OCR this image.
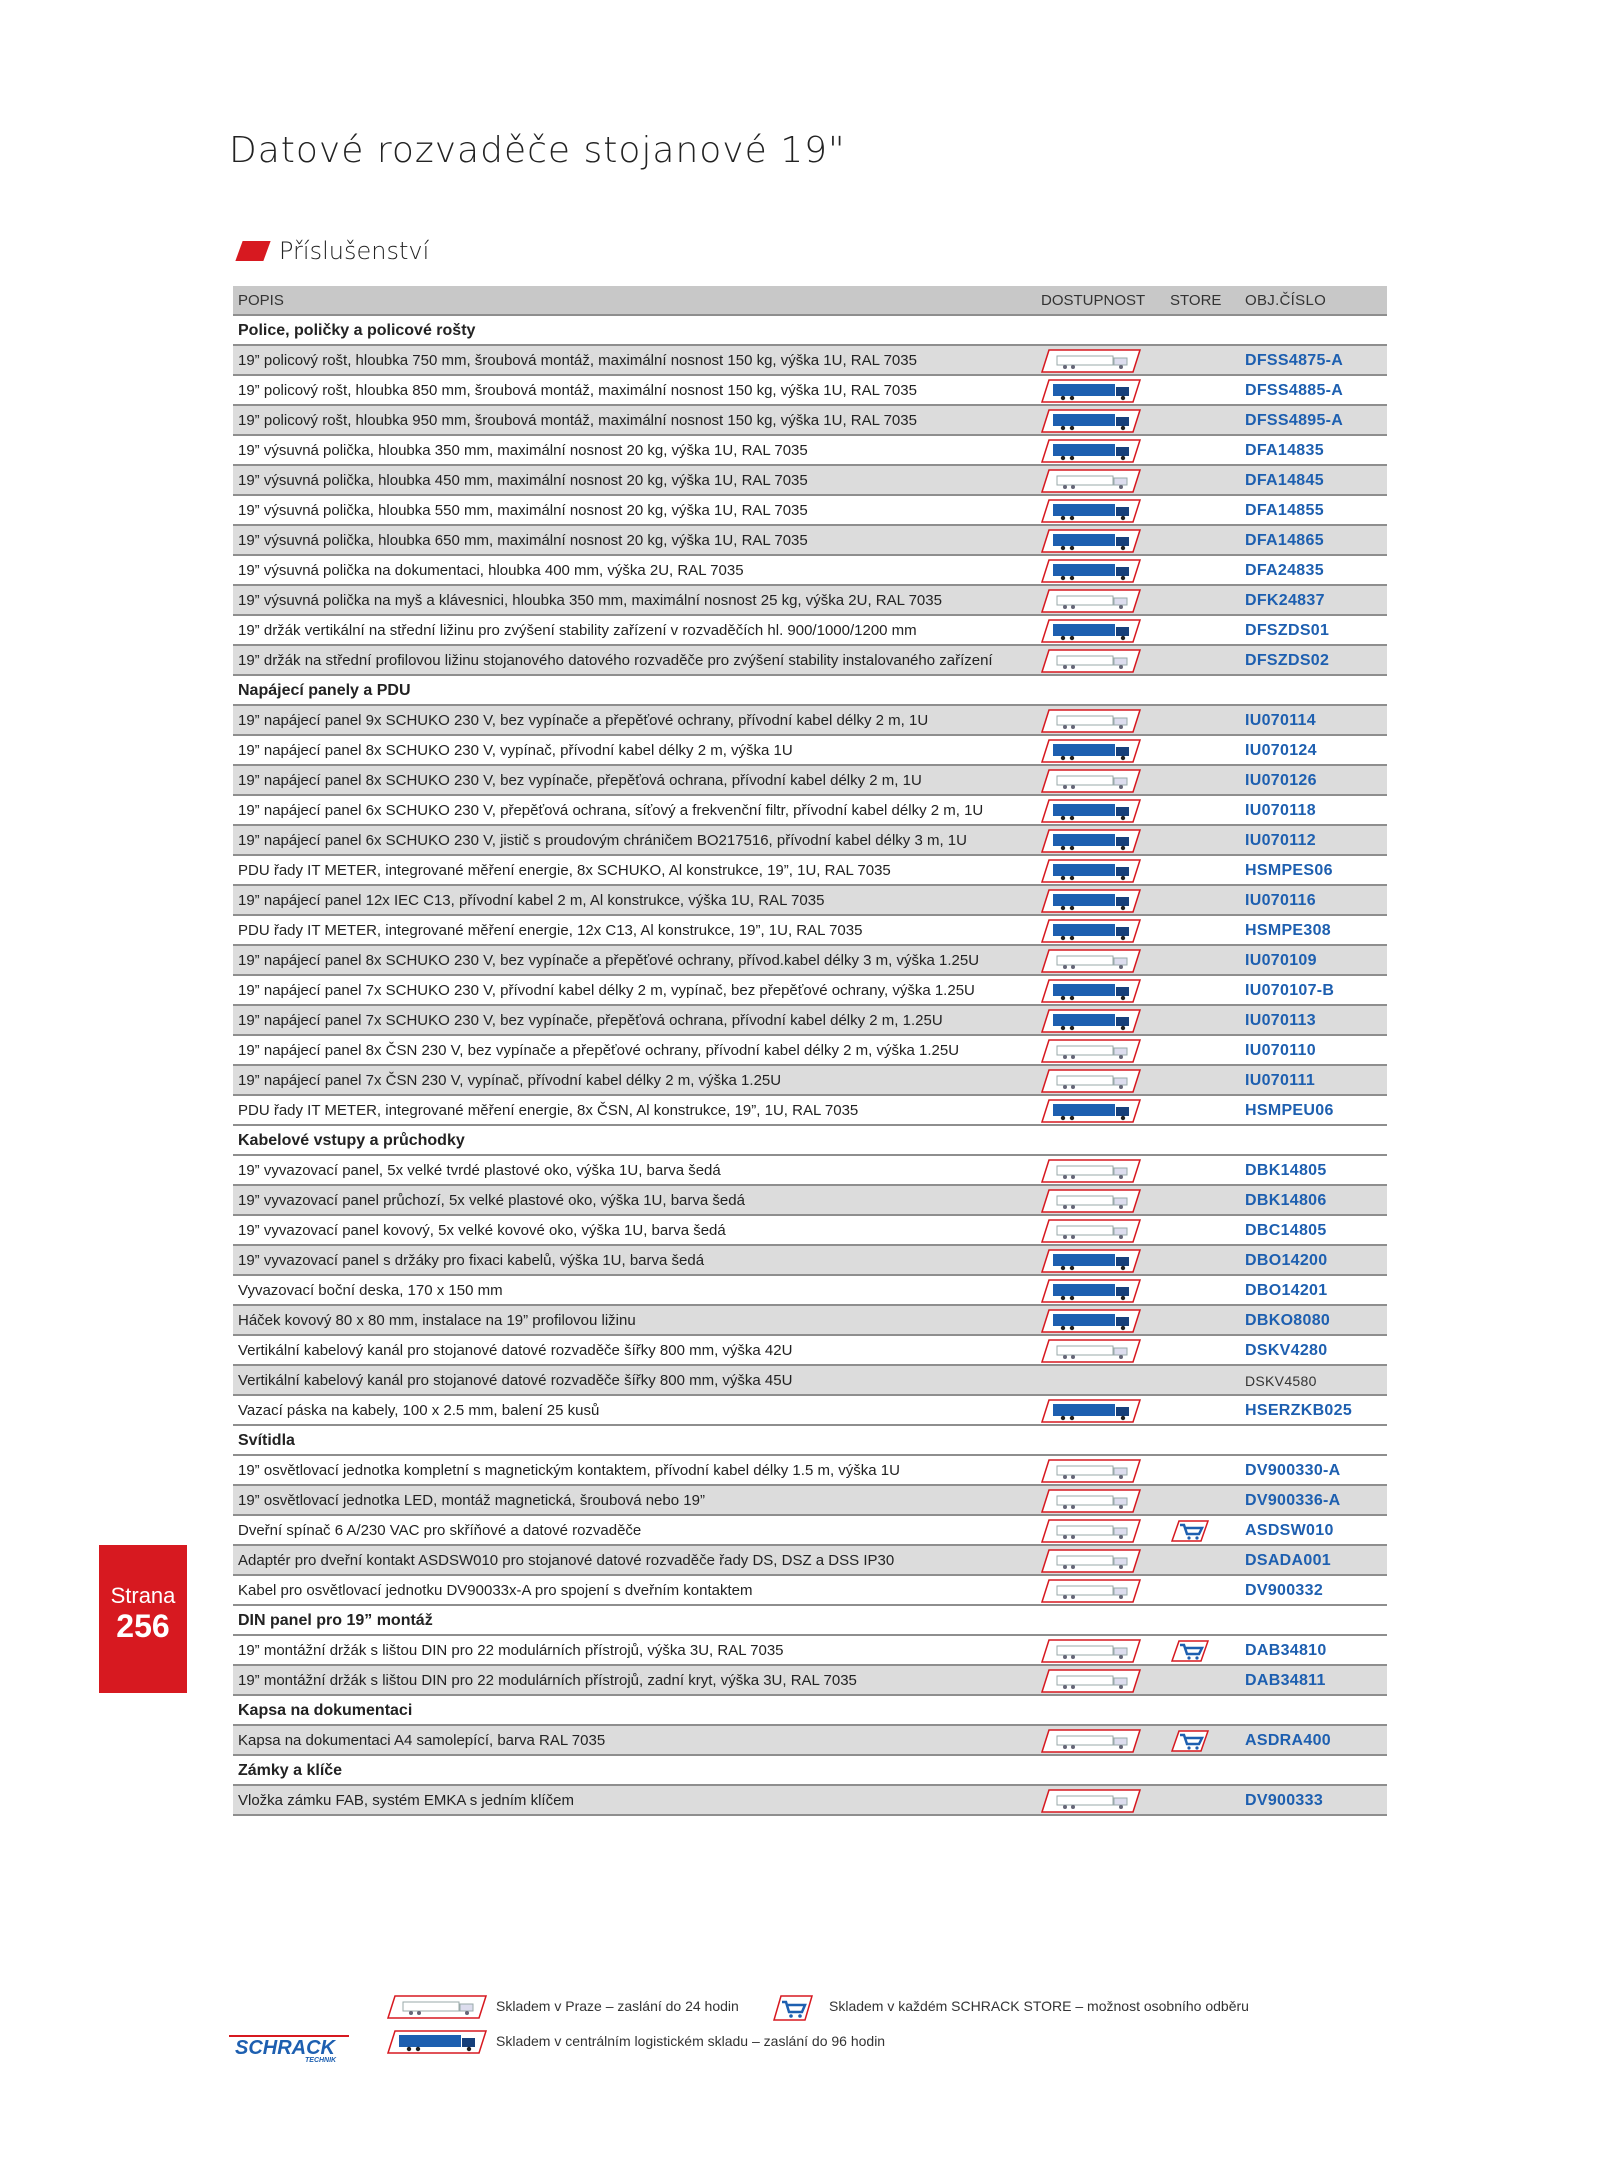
Datové rozvaděče stojanové 19"
Příslušenství
POPIS	DOSTUPNOST STORE OBJ.ČÍSLO
Police, poličky a policové rošty
19” policový rošt, hloubka 750 mm, šroubová montáž, maximální nosnost 150 kg, výška 1U, RAL 7035	DFSS4875-A
19” policový rošt, hloubka 850 mm, šroubová montáž, maximální nosnost 150 kg, výška 1U, RAL 7035	DFSS4885-A
19” policový rošt, hloubka 950 mm, šroubová montáž, maximální nosnost 150 kg, výška 1U, RAL 7035	DFSS4895-A
19” výsuvná polička, hloubka 350 mm, maximální nosnost 20 kg, výška 1U, RAL 7035	DFA14835
19” výsuvná polička, hloubka 450 mm, maximální nosnost 20 kg, výška 1U, RAL 7035	DFA14845
19” výsuvná polička, hloubka 550 mm, maximální nosnost 20 kg, výška 1U, RAL 7035	DFA14855
19” výsuvná polička, hloubka 650 mm, maximální nosnost 20 kg, výška 1U, RAL 7035	DFA14865
19” výsuvná polička na dokumentaci, hloubka 400 mm, výška 2U, RAL 7035	DFA24835
19” výsuvná polička na myš a klávesnici, hloubka 350 mm, maximální nosnost 25 kg, výška 2U, RAL 7035	DFK24837
19” držák vertikální na střední ližinu pro zvýšení stability zařízení v rozvaděčích hl. 900/1000/1200 mm	DFSZDS01
19” držák na střední profilovou ližinu stojanového datového rozvaděče pro zvýšení stability instalovaného zařízení	DFSZDS02
Napájecí panely a PDU
19” napájecí panel 9x SCHUKO 230 V, bez vypínače a přepěťové ochrany, přívodní kabel délky 2 m, 1U	IU070114
19” napájecí panel 8x SCHUKO 230 V, vypínač, přívodní kabel délky 2 m, výška 1U	IU070124
19” napájecí panel 8x SCHUKO 230 V, bez vypínače, přepěťová ochrana, přívodní kabel délky 2 m, 1U	IU070126
19” napájecí panel 6x SCHUKO 230 V, přepěťová ochrana, síťový a frekvenční filtr, přívodní kabel délky 2 m, 1U	IU070118
19” napájecí panel 6x SCHUKO 230 V, jistič s proudovým chráničem BO217516, přívodní kabel délky 3 m, 1U	IU070112
PDU řady IT METER, integrované měření energie, 8x SCHUKO, Al konstrukce, 19”, 1U, RAL 7035	HSMPES06
19” napájecí panel 12x IEC C13, přívodní kabel 2 m, Al konstrukce, výška 1U, RAL 7035	IU070116
PDU řady IT METER, integrované měření energie, 12x C13, Al konstrukce, 19”, 1U, RAL 7035	HSMPE308
19” napájecí panel 8x SCHUKO 230 V, bez vypínače a přepěťové ochrany, přívod.kabel délky 3 m, výška 1.25U	IU070109
19” napájecí panel 7x SCHUKO 230 V, přívodní kabel délky 2 m, vypínač, bez přepěťové ochrany, výška 1.25U	IU070107-B
19” napájecí panel 7x SCHUKO 230 V, bez vypínače, přepěťová ochrana, přívodní kabel délky 2 m, 1.25U	IU070113
19” napájecí panel 8x ČSN 230 V, bez vypínače a přepěťové ochrany, přívodní kabel délky 2 m, výška 1.25U	IU070110
19” napájecí panel 7x ČSN 230 V, vypínač, přívodní kabel délky 2 m, výška 1.25U	IU070111
PDU řady IT METER, integrované měření energie, 8x ČSN, Al konstrukce, 19”, 1U, RAL 7035	HSMPEU06
Kabelové vstupy a průchodky
19” vyvazovací panel, 5x velké tvrdé plastové oko, výška 1U, barva šedá	DBK14805
19” vyvazovací panel průchozí, 5x velké plastové oko, výška 1U, barva šedá	DBK14806
19” vyvazovací panel kovový, 5x velké kovové oko, výška 1U, barva šedá	DBC14805
19” vyvazovací panel s držáky pro fixaci kabelů, výška 1U, barva šedá	DBO14200
Vyvazovací boční deska, 170 x 150 mm	DBO14201
Háček kovový 80 x 80 mm, instalace na 19” profilovou ližinu	DBKO8080
Vertikální kabelový kanál pro stojanové datové rozvaděče šířky 800 mm, výška 42U	DSKV4280
Vertikální kabelový kanál pro stojanové datové rozvaděče šířky 800 mm, výška 45U	DSKV4580
Vazací páska na kabely, 100 x 2.5 mm, balení 25 kusů	HSERZKB025
Svítidla
19” osvětlovací jednotka kompletní s magnetickým kontaktem, přívodní kabel délky 1.5 m, výška 1U	DV900330-A
19” osvětlovací jednotka LED, montáž magnetická, šroubová nebo 19”	DV900336-A
Dveřní spínač 6 A/230 VAC pro skříňové a datové rozvaděče	ASDSW010
Adaptér pro dveřní kontakt ASDSW010 pro stojanové datové rozvaděče řady DS, DSZ a DSS IP30	DSADA001
Kabel pro osvětlovací jednotku DV90033x-A pro spojení s dveřním kontaktem	DV900332
DIN panel pro 19” montáž
19” montážní držák s lištou DIN pro 22 modulárních přístrojů, výška 3U, RAL 7035	DAB34810
19” montážní držák s lištou DIN pro 22 modulárních přístrojů, zadní kryt, výška 3U, RAL 7035	DAB34811
Kapsa na dokumentaci
Kapsa na dokumentaci A4 samolepící, barva RAL 7035	ASDRA400
Zámky a klíče
Vložka zámku FAB, systém EMKA s jedním klíčem	DV900333
Strana
256
Skladem v Praze – zaslání do 24 hodin	Skladem v každém SCHRACK STORE – možnost osobního odběru
Skladem v centrálním logistickém skladu – zaslání do 96 hodin
SCHRACK
TECHNIK
